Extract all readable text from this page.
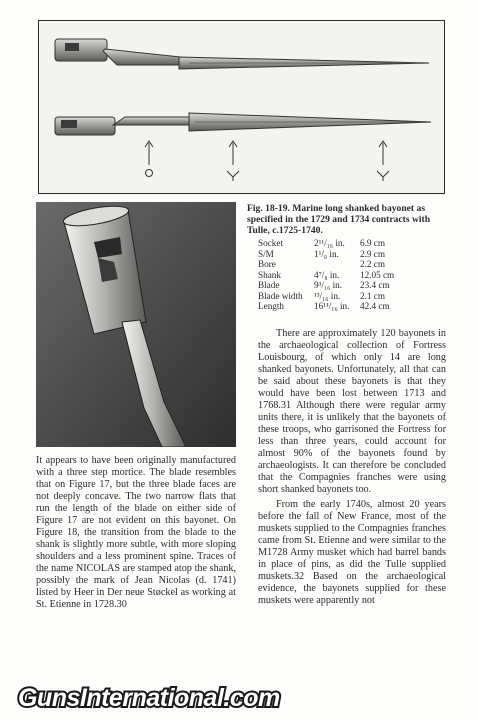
Fig. 18-19. Marine long shanked bayonet as specified in the 1729 and 1734 contracts with Tulle, c.1725-1740.

Socket	2¹¹/₁₆ in.	6.9 cm
S/M	1¹/₈ in.	2.9 cm
Bore		2.2 cm
Shank	4⁷/₈ in.	12.05 cm
Blade	9³/₁₆ in.	23.4 cm
Blade width	¹³/₁₆ in.	2.1 cm
Length	16¹¹/₁₆ in.	42.4 cm

It appears to have been originally manufactured with a three step mortice. The blade resembles that on Figure 17, but the three blade faces are not deeply concave. The two narrow flats that run the length of the blade on either side of Figure 17 are not evident on this bayonet. On Figure 18, the transition from the blade to the shank is slightly more subtle, with more sloping shoulders and a less prominent spine. Traces of the name NICOLAS are stamped atop the shank, possibly the mark of Jean Nicolas (d. 1741) listed by Heer in Der neue Støckel as working at St. Etienne in 1728.30

There are approximately 120 bayonets in the archaeological collection of Fortress Louisbourg, of which only 14 are long shanked bayonets. Unfortunately, all that can be said about these bayonets is that they would have been lost between 1713 and 1768.31 Although there were regular army units there, it is unlikely that the bayonets of these troops, who garrisoned the Fortress for less than three years, could account for almost 90% of the bayonets found by archaeologists. It can therefore be concluded that the Compagnies franches were using short shanked bayonets too.

From the early 1740s, almost 20 years before the fall of New France, most of the muskets supplied to the Compagnies franches came from St. Etienne and were similar to the M1728 Army musket which had barrel bands in place of pins, as did the Tulle supplied muskets.32 Based on the archaeological evidence, the bayonets supplied for these muskets were apparently not

GunsInternational.com
